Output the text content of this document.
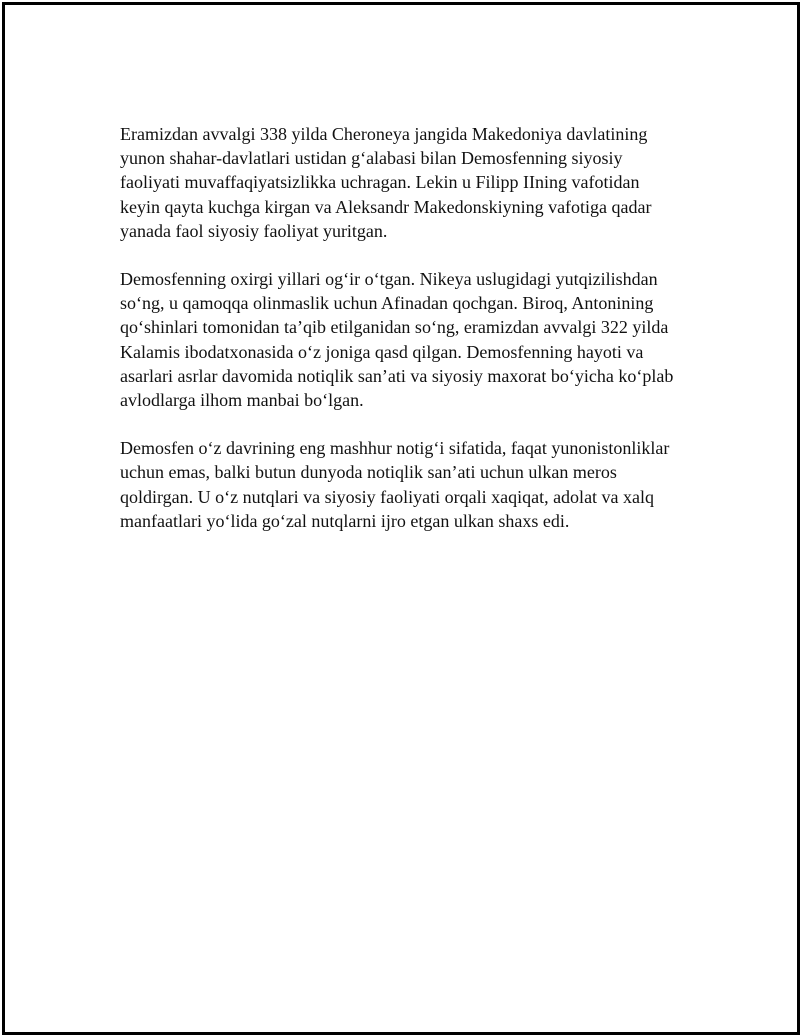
Eramizdan avvalgi 338 yilda Cheroneya jangida Makedoniya davlatining
yunon shahar-davlatlari ustidan gʻalabasi bilan Demosfenning siyosiy
faoliyati muvaffaqiyatsizlikka uchragan. Lekin u Filipp IIning vafotidan
keyin qayta kuchga kirgan va Aleksandr Makedonskiyning vafotiga qadar
yanada faol siyosiy faoliyat yuritgan.

Demosfenning oxirgi yillari ogʻir oʻtgan. Nikeya uslugidagi yutqizilishdan
soʻng, u qamoqqa olinmaslik uchun Afinadan qochgan. Biroq, Antonining
qoʻshinlari tomonidan taʼqib etilganidan soʻng, eramizdan avvalgi 322 yilda
Kalamis ibodatxonasida oʻz joniga qasd qilgan. Demosfenning hayoti va
asarlari asrlar davomida notiqlik sanʼati va siyosiy maxorat boʻyicha koʻplab
avlodlarga ilhom manbai boʻlgan.

Demosfen oʻz davrining eng mashhur notigʻi sifatida, faqat yunonistonliklar
uchun emas, balki butun dunyoda notiqlik sanʼati uchun ulkan meros
qoldirgan. U oʻz nutqlari va siyosiy faoliyati orqali xaqiqat, adolat va xalq
manfaatlari yoʻlida goʻzal nutqlarni ijro etgan ulkan shaxs edi.
